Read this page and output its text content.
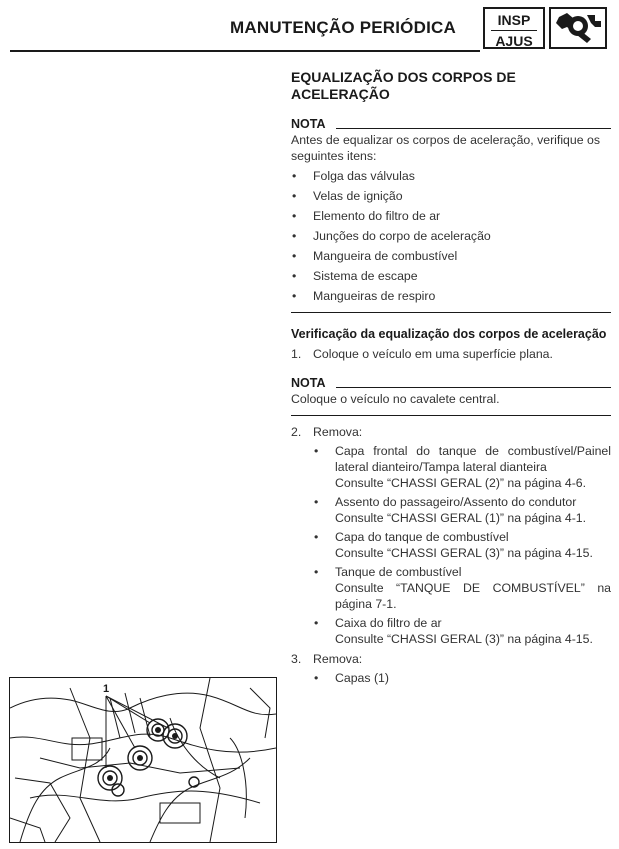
MANUTENÇÃO PERIÓDICA	INSP
AJUS
EQUALIZAÇÃO DOS CORPOS DE
ACELERAÇÃO
NOTA

Antes de equalizar os corpos de aceleração, verifique os seguintes itens:

• Folga das válvulas
• Velas de ignição
• Elemento do filtro de ar
• Junções do corpo de aceleração
• Mangueira de combustível
• Sistema de escape
• Mangueiras de respiro
Verificação da equalização dos corpos de aceleração
1. Coloque o veículo em uma superfície plana.
NOTA

Coloque o veículo no cavalete central.

2. Remova:
• Capa frontal do tanque de combustível/Painel lateral dianteiro/Tampa lateral dianteira
Consulte “CHASSI GERAL (2)” na página 4-6.
• Assento do passageiro/Assento do condutor
Consulte “CHASSI GERAL (1)” na página 4-1.
• Capa do tanque de combustível
Consulte “CHASSI GERAL (3)” na página 4-15.
• Tanque de combustível
Consulte “TANQUE DE COMBUSTÍVEL” na página 7-1.
• Caixa do filtro de ar
Consulte “CHASSI GERAL (3)” na página 4-15.
3. Remova:
• Capas (1)
1
